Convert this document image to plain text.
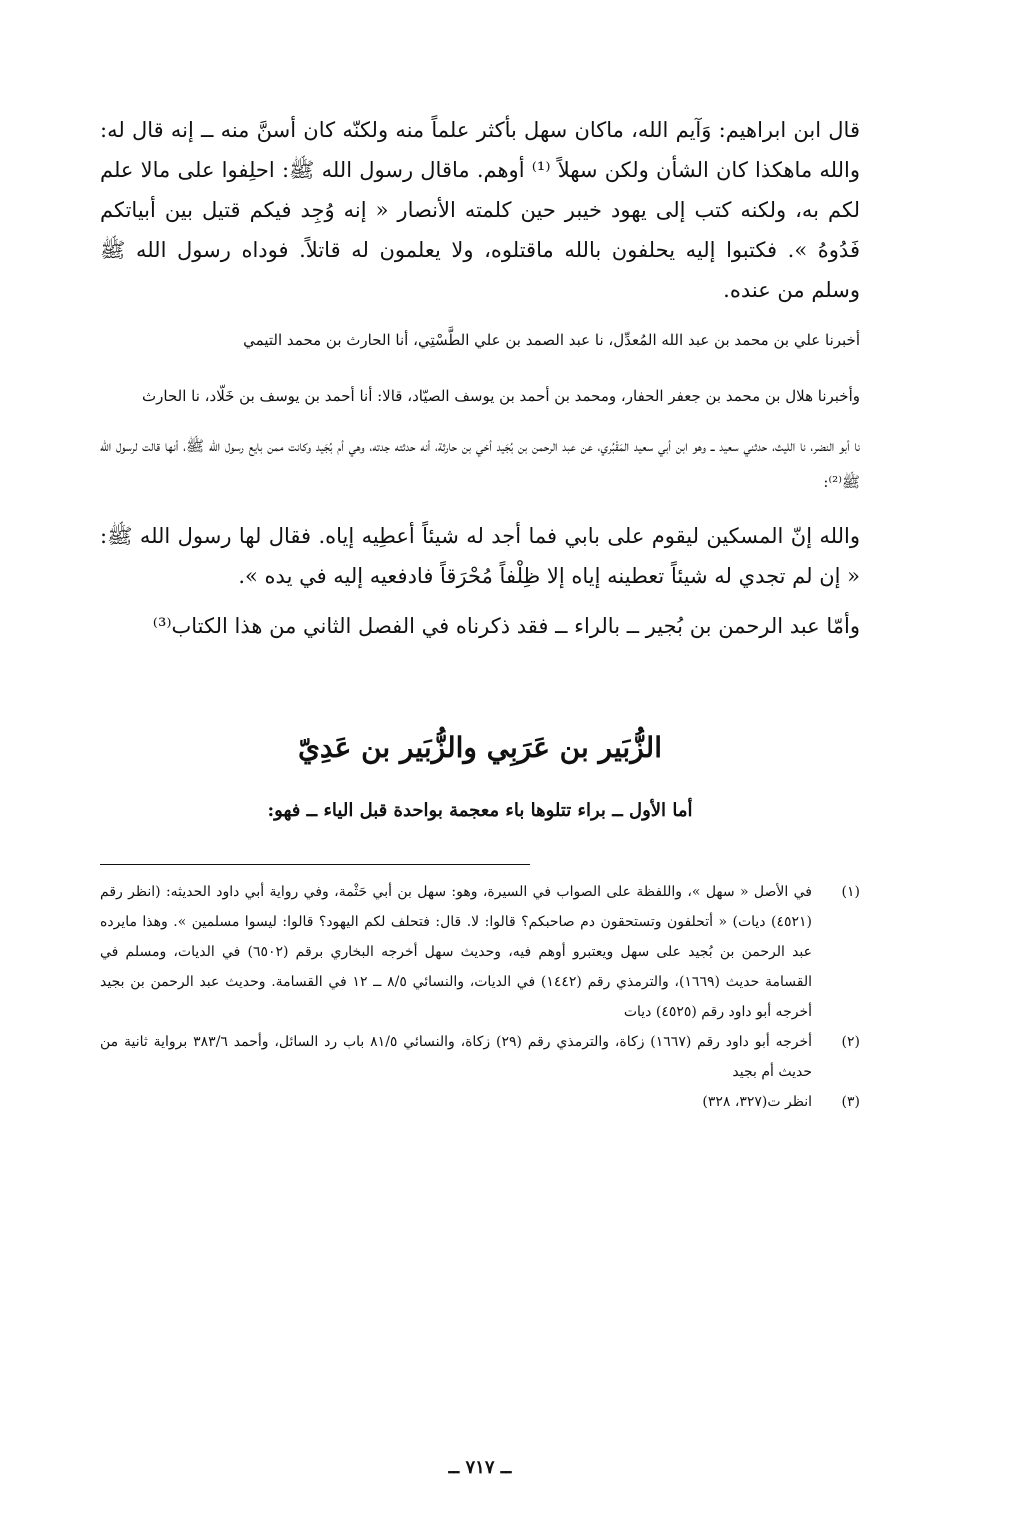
قال ابن ابراهيم: وَآيم الله، ماكان سهل بأكثر علماً منه ولكنّه كان أسنَّ منه ــ إنه قال له: والله ماهكذا كان الشأن ولكن سهلاً ⁽¹⁾ أوهم. ماقال رسول الله ﷺ: احلِفوا على مالا علم لكم به، ولكنه كتب إلى يهود خيبر حين كلمته الأنصار « إنه وُجِد فيكم قتيل بين أبياتكم فَدُوهُ ». فكتبوا إليه يحلفون بالله ماقتلوه، ولا يعلمون له قاتلاً. فوداه رسول الله ﷺ وسلم من عنده.

أخبرنا علي بن محمد بن عبد الله المُعدِّل، نا عبد الصمد بن علي الطَّسْتِي، أنا الحارث بن محمد التيمي

وأخبرنا هلال بن محمد بن جعفر الحفار، ومحمد بن أحمد بن يوسف الصيّاد، قالا: أنا أحمد بن يوسف بن خَلّاد، نا الحارث

نا أبو النضر، نا الليث، حدثني سعيد ــ وهو ابن أبي سعيد المَقْبُري، عن عبد الرحمن بن بُجَيد أخي بن حارثة، أنه حدثته جدته، وهي أم بُجَيد وكانت ممن بايع رسول الله ﷺ، أنها قالت لرسول الله ﷺ⁽²⁾:

والله إنّ المسكين ليقوم على بابي فما أجد له شيئاً أعطِيه إياه. فقال لها رسول الله ﷺ: « إن لم تجدي له شيئاً تعطينه إياه إلا ظِلْفاً مُحْرَقاً فادفعيه إليه في يده ».

وأمّا عبد الرحمن بن بُجير ــ بالراء ــ فقد ذكرناه في الفصل الثاني من هذا الكتاب⁽³⁾

الزُّبَير بن عَرَبِي والزُّبَير بن عَدِيّ
أما الأول ــ براء تتلوها باء معجمة بواحدة قبل الياء ــ فهو:
(١)
في الأصل « سهل »، واللفظة على الصواب في السيرة، وهو: سهل بن أبي حَثْمة، وفي رواية أبي داود الحديثه: (انظر رقم (٤٥٢١) ديات) « أتحلفون وتستحقون دم صاحبكم؟ قالوا: لا. قال: فتحلف لكم اليهود؟ قالوا: ليسوا مسلمين ». وهذا مايرده عبد الرحمن بن بُجيد على سهل ويعتبرو أوهم فيه، وحديث سهل أخرجه البخاري برقم (٦٥٠٢) في الديات، ومسلم في القسامة حديث (١٦٦٩)، والترمذي رقم (١٤٤٢) في الديات، والنسائي ٨/٥ ــ ١٢ في القسامة. وحديث عبد الرحمن بن بجيد أخرجه أبو داود رقم (٤٥٢٥) ديات
(٢)
أخرجه أبو داود رقم (١٦٦٧) زكاة، والترمذي رقم (٢٩) زكاة، والنسائي ٨١/٥ باب رد السائل، وأحمد ٣٨٣/٦ برواية ثانية من حديث أم بجيد
(٣)
انظر ت(٣٢٧، ٣٢٨)
ــ ٧١٧ ــ
